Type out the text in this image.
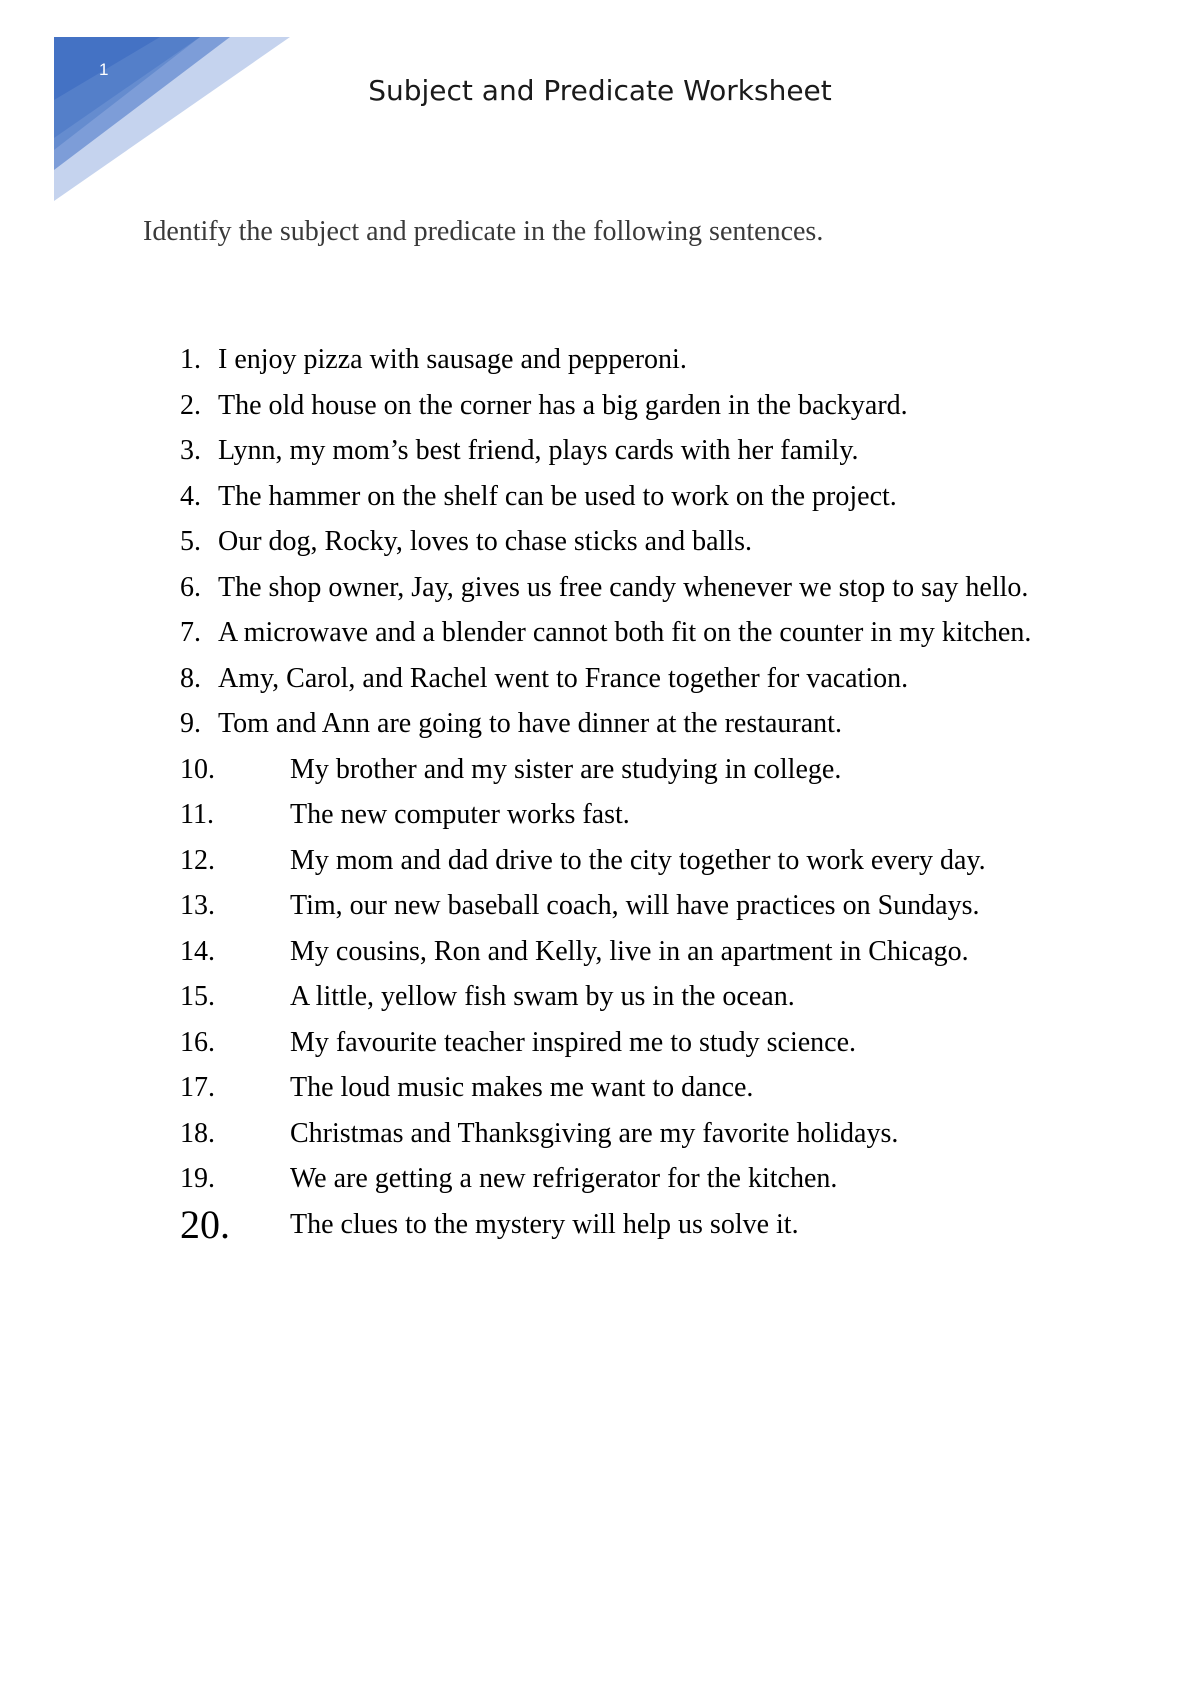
1
Subject and Predicate Worksheet
Identify the subject and predicate in the following sentences.
1. I enjoy pizza with sausage and pepperoni.
2. The old house on the corner has a big garden in the backyard.
3. Lynn, my mom’s best friend, plays cards with her family.
4. The hammer on the shelf can be used to work on the project.
5. Our dog, Rocky, loves to chase sticks and balls.
6. The shop owner, Jay, gives us free candy whenever we stop to say hello.
7. A microwave and a blender cannot both fit on the counter in my kitchen.
8. Amy, Carol, and Rachel went to France together for vacation.
9. Tom and Ann are going to have dinner at the restaurant.
10.	My brother and my sister are studying in college.
11.	The new computer works fast.
12.	My mom and dad drive to the city together to work every day.
13.	Tim, our new baseball coach, will have practices on Sundays.
14.	My cousins, Ron and Kelly, live in an apartment in Chicago.
15.	A little, yellow fish swam by us in the ocean.
16.	My favourite teacher inspired me to study science.
17.	The loud music makes me want to dance.
18.	Christmas and Thanksgiving are my favorite holidays.
19.	We are getting a new refrigerator for the kitchen.
20. The clues to the mystery will help us solve it.
